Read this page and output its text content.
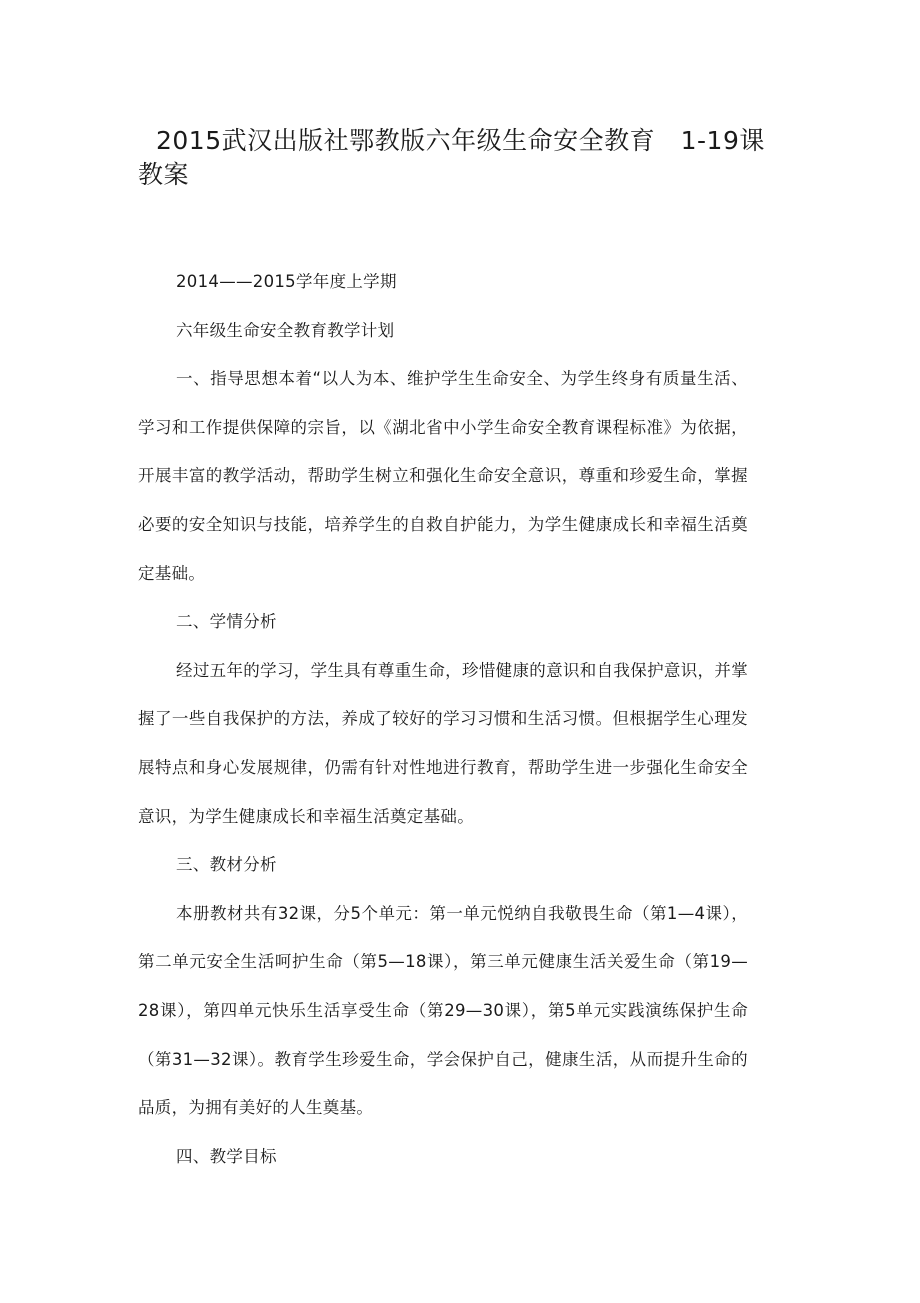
2015武汉出版社鄂教版六年级生命安全教育　1-19课教案

2014——2015学年度上学期

六年级生命安全教育教学计划

一、指导思想本着“以人为本、维护学生生命安全、为学生终身有质量生活、学习和工作提供保障的宗旨，以《湖北省中小学生命安全教育课程标准》为依据，开展丰富的教学活动，帮助学生树立和强化生命安全意识，尊重和珍爱生命，掌握必要的安全知识与技能，培养学生的自救自护能力，为学生健康成长和幸福生活奠定基础。

二、学情分析

经过五年的学习，学生具有尊重生命，珍惜健康的意识和自我保护意识，并掌握了一些自我保护的方法，养成了较好的学习习惯和生活习惯。但根据学生心理发展特点和身心发展规律，仍需有针对性地进行教育，帮助学生进一步强化生命安全意识，为学生健康成长和幸福生活奠定基础。

三、教材分析

本册教材共有32课，分5个单元：第一单元悦纳自我敬畏生命（第1—4课），第二单元安全生活呵护生命（第5—18课），第三单元健康生活关爱生命（第19—28课），第四单元快乐生活享受生命（第29—30课），第5单元实践演练保护生命（第31—32课）。教育学生珍爱生命，学会保护自己，健康生活，从而提升生命的品质，为拥有美好的人生奠基。

四、教学目标
